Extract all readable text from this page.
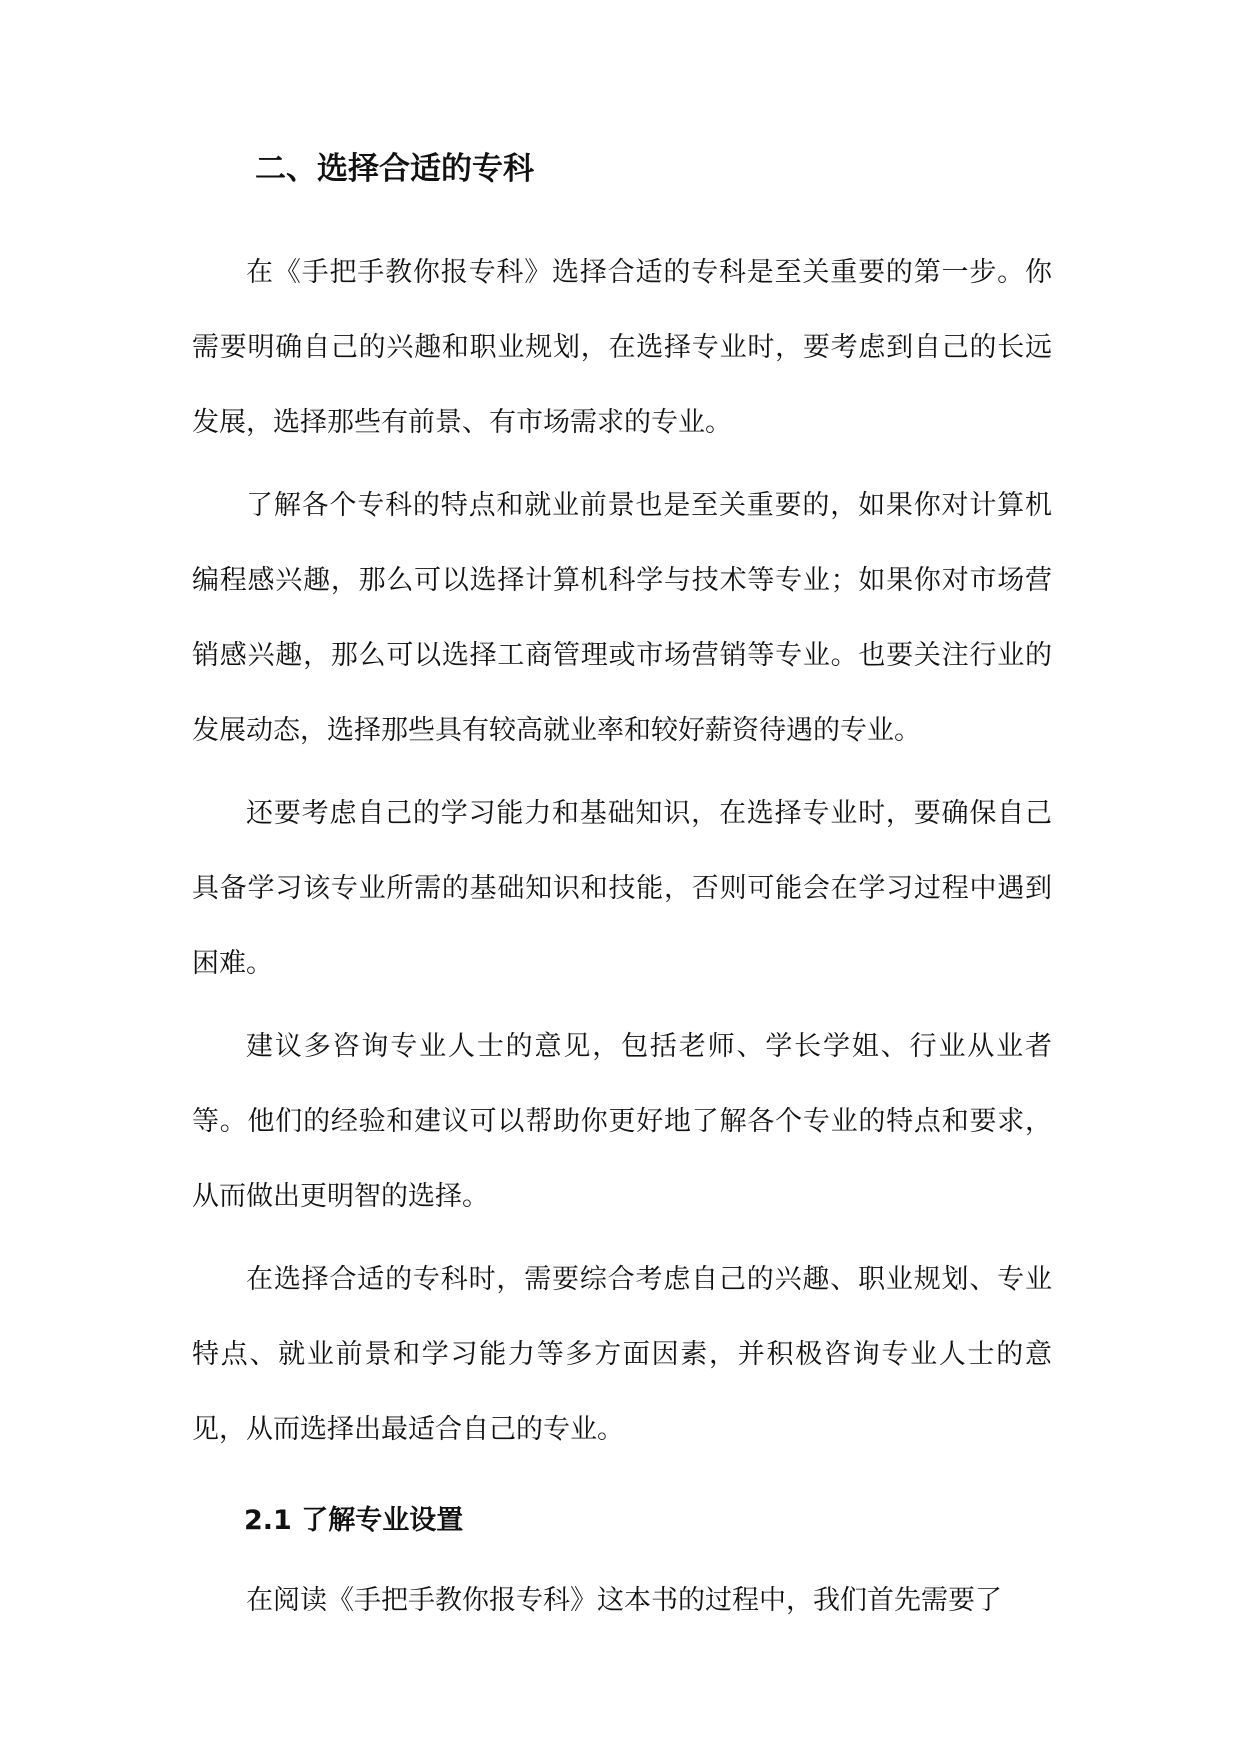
二、选择合适的专科

在《手把手教你报专科》选择合适的专科是至关重要的第一步。你需要明确自己的兴趣和职业规划，在选择专业时，要考虑到自己的长远发展，选择那些有前景、有市场需求的专业。

了解各个专科的特点和就业前景也是至关重要的，如果你对计算机编程感兴趣，那么可以选择计算机科学与技术等专业；如果你对市场营销感兴趣，那么可以选择工商管理或市场营销等专业。也要关注行业的发展动态，选择那些具有较高就业率和较好薪资待遇的专业。

还要考虑自己的学习能力和基础知识，在选择专业时，要确保自己具备学习该专业所需的基础知识和技能，否则可能会在学习过程中遇到困难。

建议多咨询专业人士的意见，包括老师、学长学姐、行业从业者等。他们的经验和建议可以帮助你更好地了解各个专业的特点和要求，从而做出更明智的选择。

在选择合适的专科时，需要综合考虑自己的兴趣、职业规划、专业特点、就业前景和学习能力等多方面因素，并积极咨询专业人士的意见，从而选择出最适合自己的专业。

2.1 了解专业设置

在阅读《手把手教你报专科》这本书的过程中，我们首先需要了
